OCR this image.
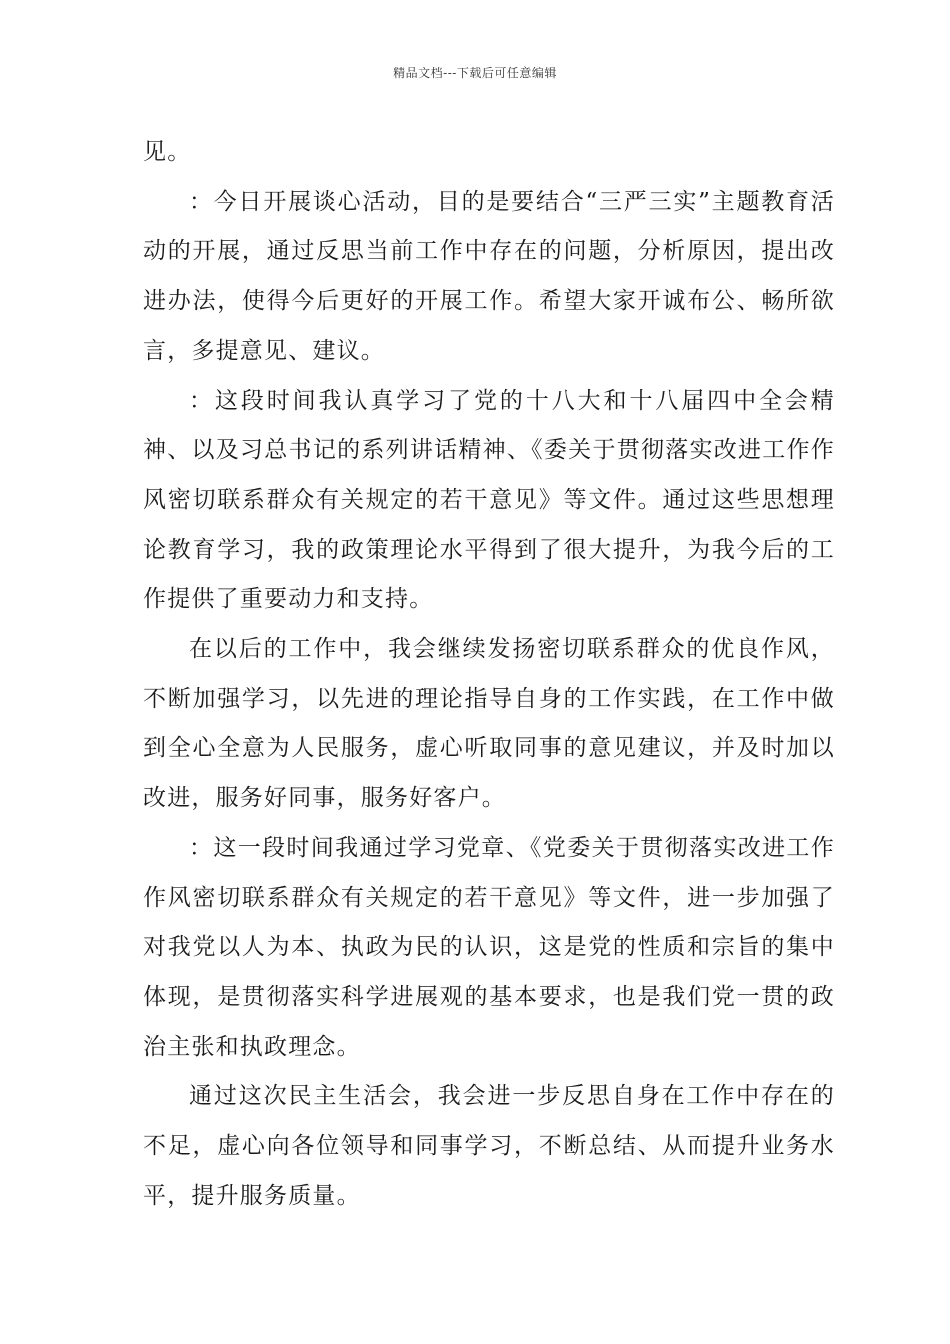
精品文档---下载后可任意编辑

见。

：今日开展谈心活动，目的是要结合“三严三实”主题教育活动的开展，通过反思当前工作中存在的问题，分析原因，提出改进办法，使得今后更好的开展工作。希望大家开诚布公、畅所欲言，多提意见、建议。

：这段时间我认真学习了党的十八大和十八届四中全会精神、以及习总书记的系列讲话精神、《委关于贯彻落实改进工作作风密切联系群众有关规定的若干意见》等文件。通过这些思想理论教育学习，我的政策理论水平得到了很大提升，为我今后的工作提供了重要动力和支持。

在以后的工作中，我会继续发扬密切联系群众的优良作风，不断加强学习，以先进的理论指导自身的工作实践，在工作中做到全心全意为人民服务，虚心听取同事的意见建议，并及时加以改进，服务好同事，服务好客户。

：这一段时间我通过学习党章、《党委关于贯彻落实改进工作作风密切联系群众有关规定的若干意见》等文件，进一步加强了对我党以人为本、执政为民的认识，这是党的性质和宗旨的集中体现，是贯彻落实科学进展观的基本要求，也是我们党一贯的政治主张和执政理念。

通过这次民主生活会，我会进一步反思自身在工作中存在的不足，虚心向各位领导和同事学习，不断总结、从而提升业务水平，提升服务质量。
